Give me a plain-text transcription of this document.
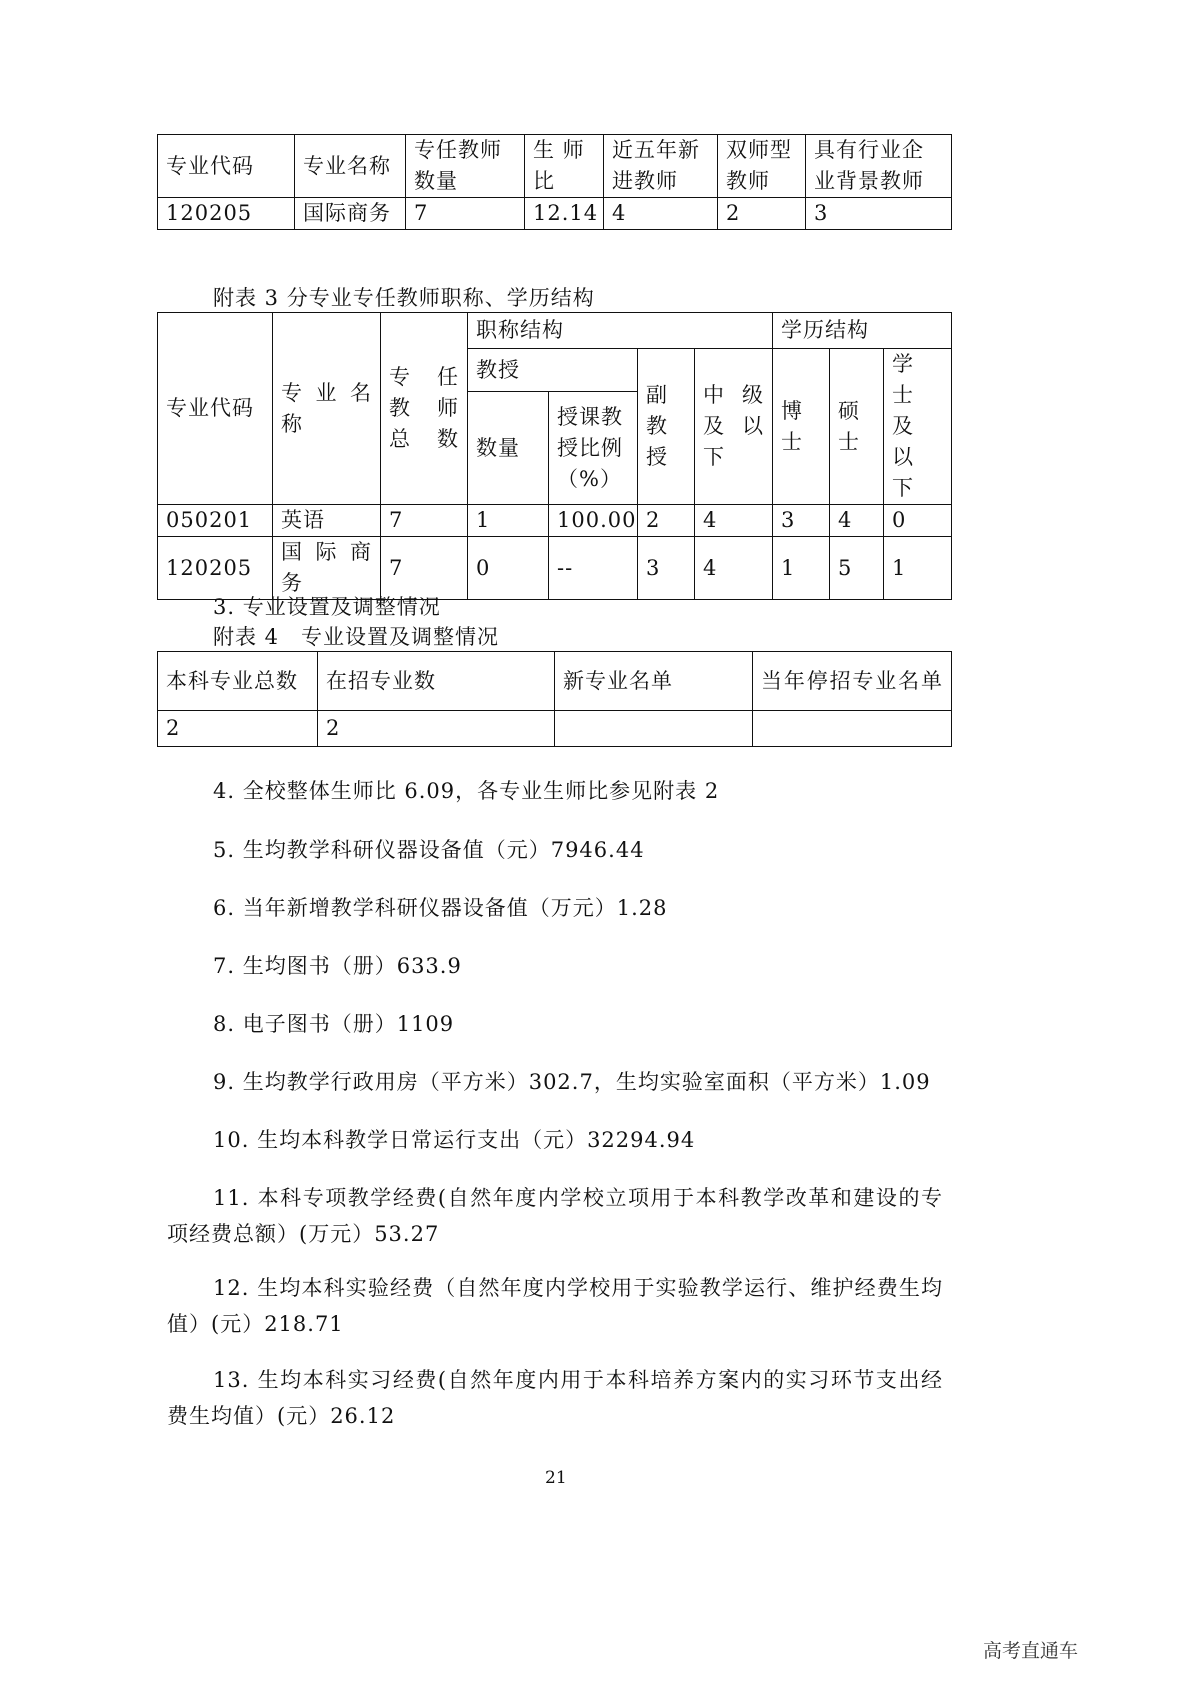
专业代码	专业名称	专任教师数量	生 师比	近五年新进教师	双师型教师	具有行业企业背景教师
120205	国际商务	7	12.14	4	2	3
附表 3 分专业专任教师职称、学历结构
专业代码	专 业 名 称	专 任 教 师 总数	职称结构				学历结构		
			教授		副教授	中 级 及 以 下	博士	硕士	学 士 及 以 下
			数量	授课教授比例（%）					
050201	英语	7	1	100.00	2	4	3	4	0
120205	国 际 商 务	7	0	--	3	4	1	5	1
3. 专业设置及调整情况
附表 4　专业设置及调整情况
本科专业总数	在招专业数	新专业名单	当年停招专业名单
2	2		
4. 全校整体生师比 6.09，各专业生师比参见附表 2
5. 生均教学科研仪器设备值（元）7946.44
6. 当年新增教学科研仪器设备值（万元）1.28
7. 生均图书（册）633.9
8. 电子图书（册）1109
9. 生均教学行政用房（平方米）302.7，生均实验室面积（平方米）1.09
10. 生均本科教学日常运行支出（元）32294.94
11. 本科专项教学经费(自然年度内学校立项用于本科教学改革和建设的专
项经费总额）(万元）53.27
12. 生均本科实验经费（自然年度内学校用于实验教学运行、维护经费生均
值）(元）218.71
13. 生均本科实习经费(自然年度内用于本科培养方案内的实习环节支出经
费生均值）(元）26.12
21
高考直通车
